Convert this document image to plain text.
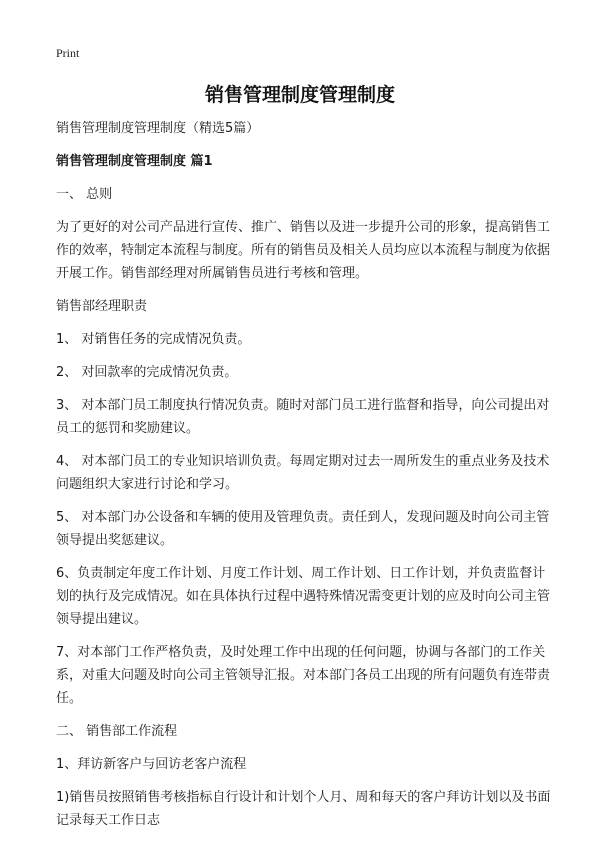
Print
销售管理制度管理制度

销售管理制度管理制度（精选5篇）

销售管理制度管理制度 篇1

一、 总则

为了更好的对公司产品进行宣传、推广、销售以及进一步提升公司的形象，提高销售工作的效率，特制定本流程与制度。所有的销售员及相关人员均应以本流程与制度为依据开展工作。销售部经理对所属销售员进行考核和管理。

销售部经理职责

1、 对销售任务的完成情况负责。

2、 对回款率的完成情况负责。

3、 对本部门员工制度执行情况负责。随时对部门员工进行监督和指导，向公司提出对员工的惩罚和奖励建议。

4、 对本部门员工的专业知识培训负责。每周定期对过去一周所发生的重点业务及技术问题组织大家进行讨论和学习。

5、 对本部门办公设备和车辆的使用及管理负责。责任到人，发现问题及时向公司主管领导提出奖惩建议。

6、负责制定年度工作计划、月度工作计划、周工作计划、日工作计划，并负责监督计划的执行及完成情况。如在具体执行过程中遇特殊情况需变更计划的应及时向公司主管领导提出建议。

7、对本部门工作严格负责，及时处理工作中出现的任何问题，协调与各部门的工作关系，对重大问题及时向公司主管领导汇报。对本部门各员工出现的所有问题负有连带责任。

二、 销售部工作流程

1、拜访新客户与回访老客户流程

1)销售员按照销售考核指标自行设计和计划个人月、周和每天的客户拜访计划以及书面记录每天工作日志
